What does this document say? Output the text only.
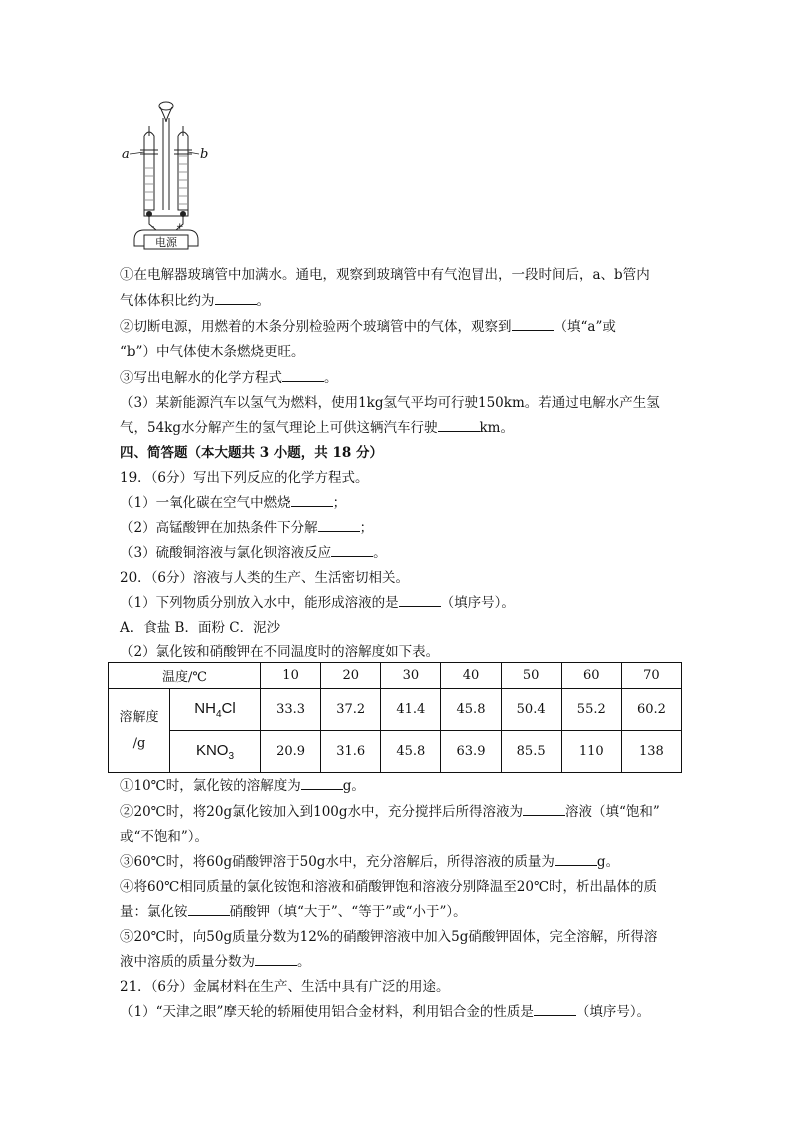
电源
- +
a	b
①在电解器玻璃管中加满水。通电，观察到玻璃管中有气泡冒出，一段时间后，a、b管内
气体体积比约为	。
②切断电源，用燃着的木条分别检验两个玻璃管中的气体，观察到	（填“a”或
“b”）中气体使木条燃烧更旺。
③写出电解水的化学方程式	。
（3）某新能源汽车以氢气为燃料，使用1kg氢气平均可行驶150km。若通过电解水产生氢
气，54kg水分解产生的氢气理论上可供这辆汽车行驶	km。
四、简答题（本大题共 3 小题，共 18 分）
19．（6分）写出下列反应的化学方程式。
（1）一氧化碳在空气中燃烧	；
（2）高锰酸钾在加热条件下分解	；
（3）硫酸铜溶液与氯化钡溶液反应	。
20．（6分）溶液与人类的生产、生活密切相关。
（1）下列物质分别放入水中，能形成溶液的是	（填序号）。
A．食盐 B．面粉 C．泥沙
（2）氯化铵和硝酸钾在不同温度时的溶解度如下表。
温度/℃		10	20	30	40	50	60	70

溶解度
/g	$NH_4Cl$	33.3	37.2	41.4	45.8	50.4	55.2	60.2
	$KNO_3$	20.9	31.6	45.8	63.9	85.5	110	138
①10℃时，氯化铵的溶解度为	g。
②20℃时，将20g氯化铵加入到100g水中，充分搅拌后所得溶液为	溶液（填“饱和”
或“不饱和”）。
③60℃时，将60g硝酸钾溶于50g水中，充分溶解后，所得溶液的质量为	g。
④将60℃相同质量的氯化铵饱和溶液和硝酸钾饱和溶液分别降温至20℃时，析出晶体的质
量：氯化铵	硝酸钾（填“大于”、“等于”或“小于”）。
⑤20℃时，向50g质量分数为12%的硝酸钾溶液中加入5g硝酸钾固体，完全溶解，所得溶
液中溶质的质量分数为	。
21．（6分）金属材料在生产、生活中具有广泛的用途。
（1）“天津之眼”摩天轮的轿厢使用铝合金材料，利用铝合金的性质是	（填序号）。
